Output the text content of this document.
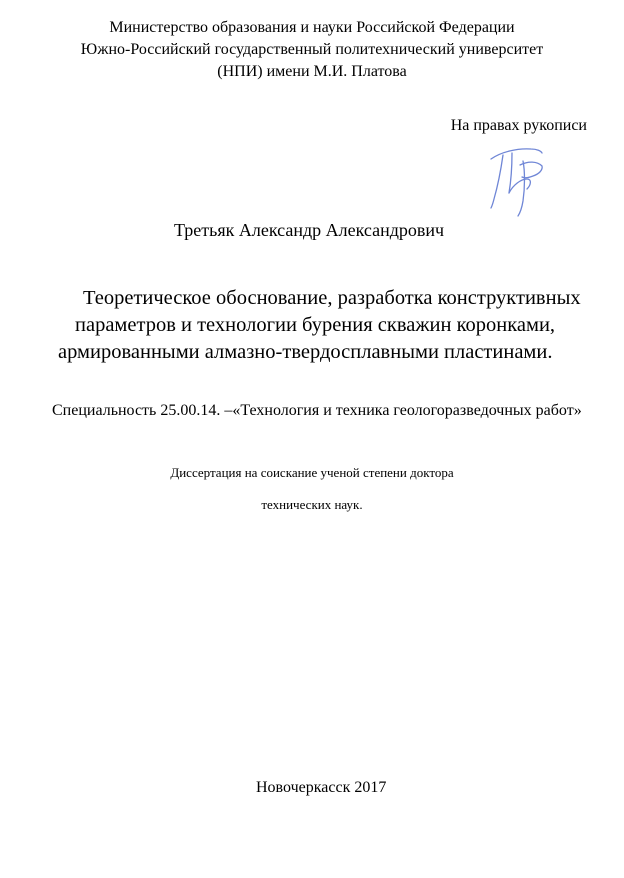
Министерство образования и науки Российской Федерации
Южно-Российский государственный политехнический университет
(НПИ) имени М.И. Платова
На правах рукописи
Третьяк Александр Александрович
Теоретическое обоснование, разработка конструктивных
параметров и технологии бурения скважин коронками,
армированными алмазно-твердосплавными пластинами.
Специальность 25.00.14. –«Технология и техника геологоразведочных работ»
Диссертация на соискание ученой степени доктора
технических наук.
Новочеркасск 2017
